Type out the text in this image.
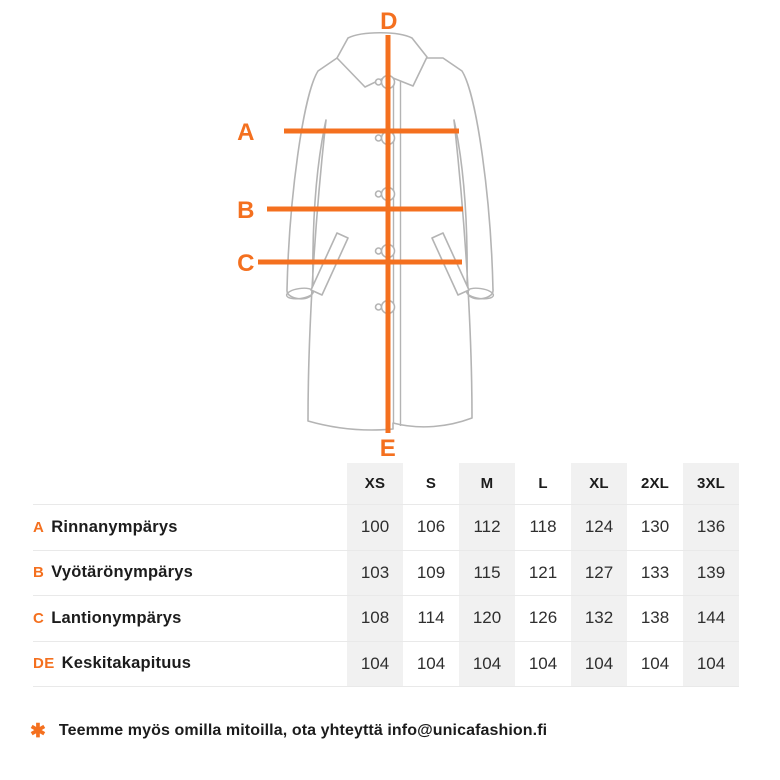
D
A
B
C
E
XS	S	M	L	XL	2XL	3XL
A Rinnanympärys	100	106	112	118	124	130	136
B Vyötärönympärys	103	109	115	121	127	133	139
C Lantionympärys	108	114	120	126	132	138	144
DE Keskitakapituus	104	104	104	104	104	104	104
✱ Teemme myös omilla mitoilla, ota yhteyttä info@unicafashion.fi
